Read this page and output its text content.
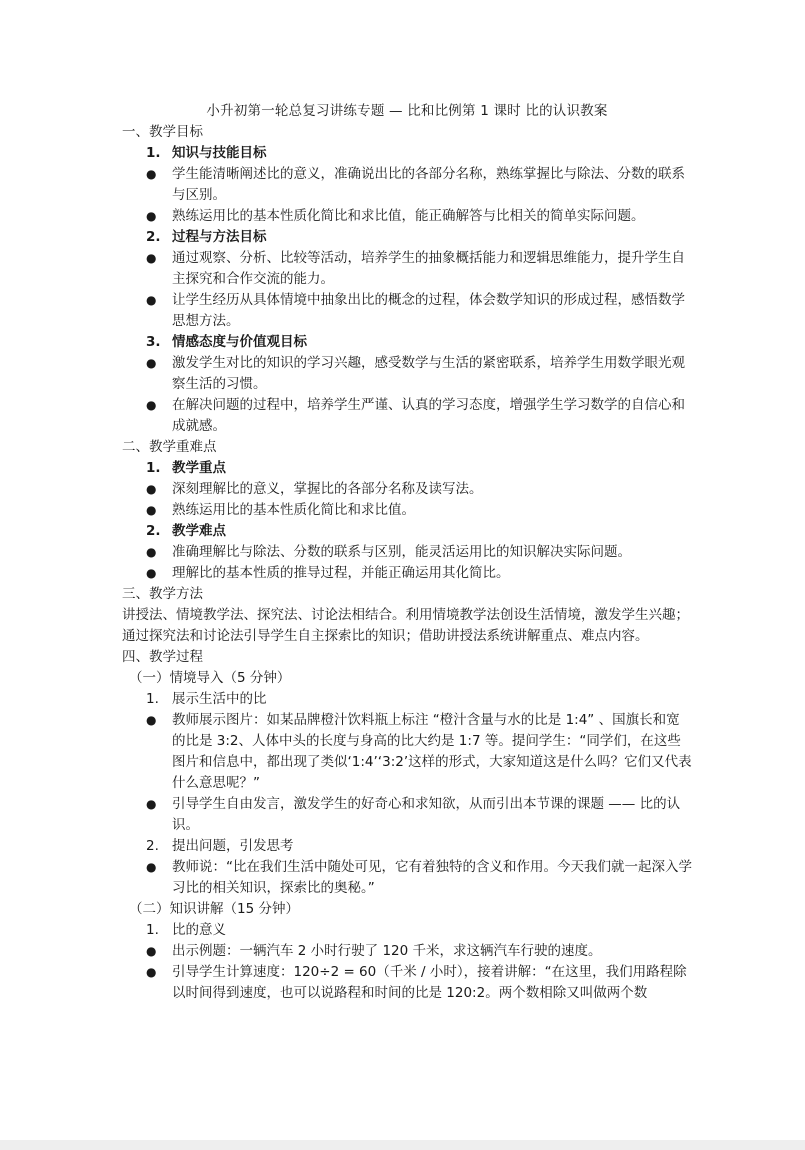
小升初第一轮总复习讲练专题 — 比和比例第 1 课时 比的认识教案
一、教学目标
1. 知识与技能目标
●	学生能清晰阐述比的意义，准确说出比的各部分名称，熟练掌握比与除法、分数的联系与区别。
●	熟练运用比的基本性质化简比和求比值，能正确解答与比相关的简单实际问题。
2. 过程与方法目标
●	通过观察、分析、比较等活动，培养学生的抽象概括能力和逻辑思维能力，提升学生自主探究和合作交流的能力。
●	让学生经历从具体情境中抽象出比的概念的过程，体会数学知识的形成过程，感悟数学思想方法。
3. 情感态度与价值观目标
●	激发学生对比的知识的学习兴趣，感受数学与生活的紧密联系，培养学生用数学眼光观察生活的习惯。
●	在解决问题的过程中，培养学生严谨、认真的学习态度，增强学生学习数学的自信心和成就感。
二、教学重难点
1. 教学重点
●	深刻理解比的意义，掌握比的各部分名称及读写法。
●	熟练运用比的基本性质化简比和求比值。
2. 教学难点
●	准确理解比与除法、分数的联系与区别，能灵活运用比的知识解决实际问题。
●	理解比的基本性质的推导过程，并能正确运用其化简比。
三、教学方法
讲授法、情境教学法、探究法、讨论法相结合。利用情境教学法创设生活情境，激发学生兴趣；通过探究法和讨论法引导学生自主探索比的知识；借助讲授法系统讲解重点、难点内容。
四、教学过程
（一）情境导入（5 分钟）
1. 展示生活中的比
●	教师展示图片：如某品牌橙汁饮料瓶上标注 “橙汁含量与水的比是 1:4” 、国旗长和宽的比是 3:2、人体中头的长度与身高的比大约是 1:7 等。提问学生：“同学们，在这些图片和信息中，都出现了类似‘1:4’‘3:2’这样的形式，大家知道这是什么吗？它们又代表什么意思呢？”
●	引导学生自由发言，激发学生的好奇心和求知欲，从而引出本节课的课题 —— 比的认识。
2. 提出问题，引发思考
●	教师说：“比在我们生活中随处可见，它有着独特的含义和作用。今天我们就一起深入学习比的相关知识，探索比的奥秘。”
（二）知识讲解（15 分钟）
1. 比的意义
●	出示例题：一辆汽车 2 小时行驶了 120 千米，求这辆汽车行驶的速度。
●	引导学生计算速度：120÷2 = 60（千米 / 小时），接着讲解：“在这里，我们用路程除以时间得到速度，也可以说路程和时间的比是 120:2。两个数相除又叫做两个数
